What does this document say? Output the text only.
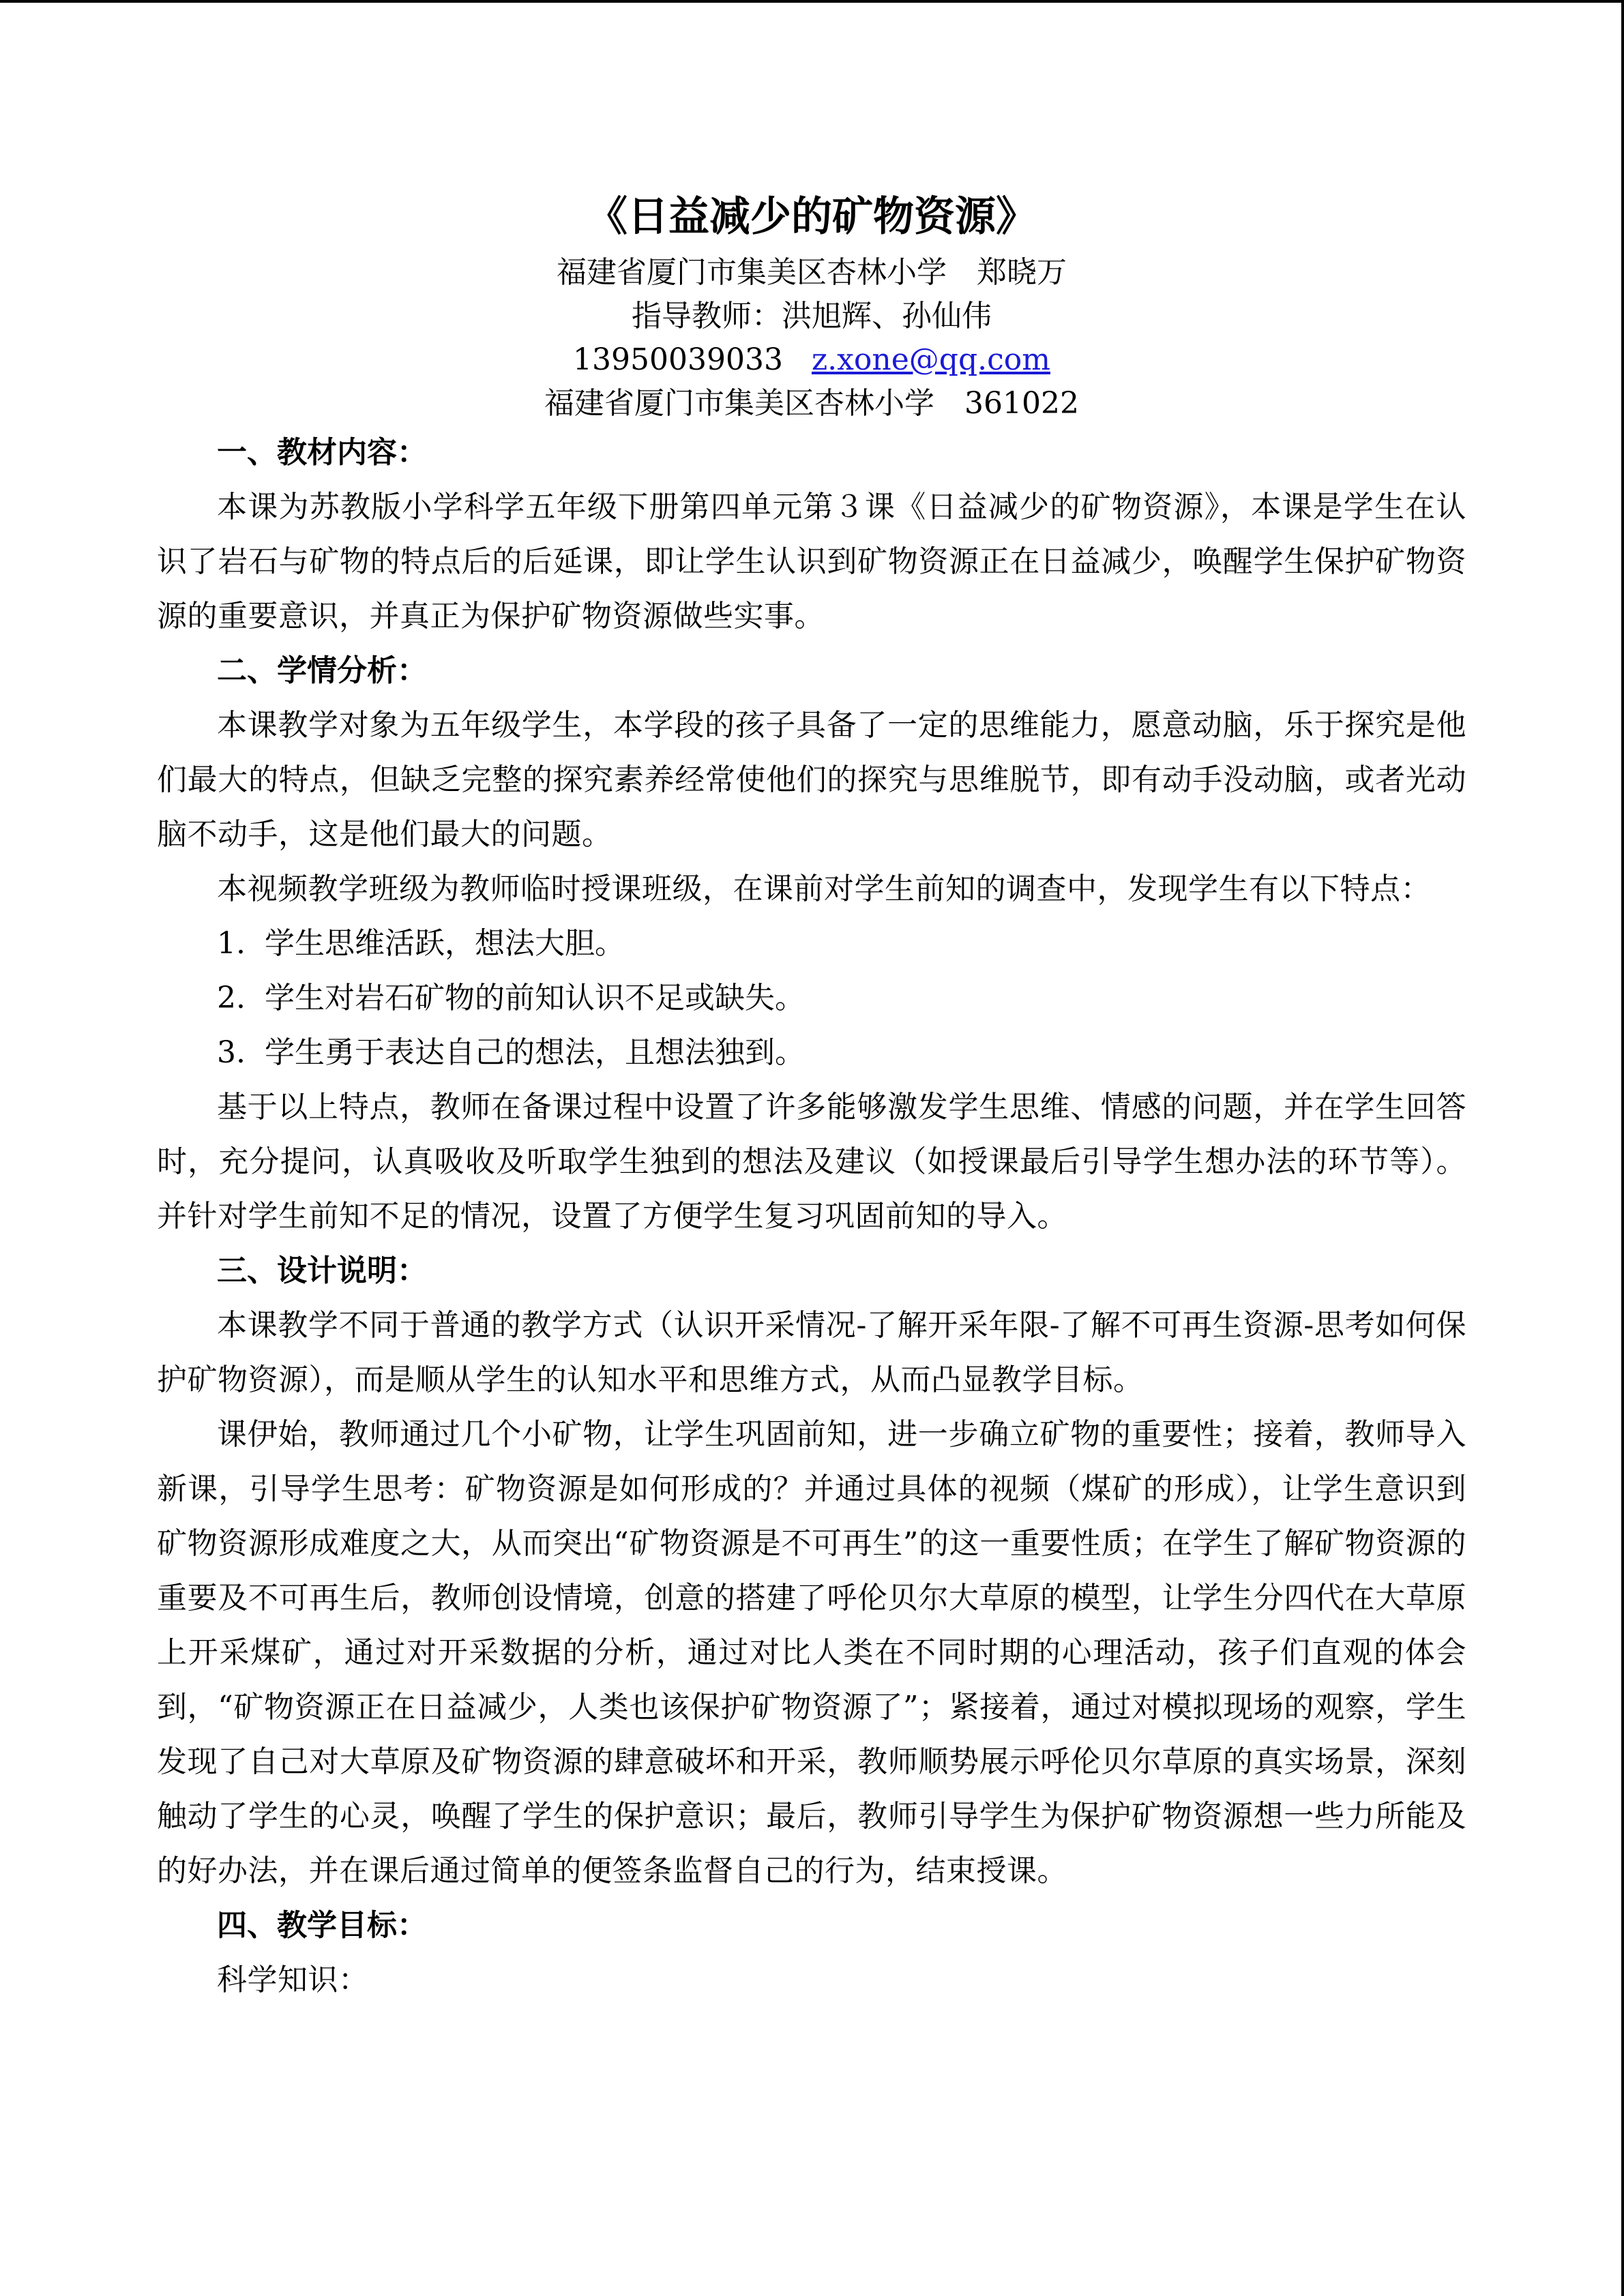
《日益减少的矿物资源》

福建省厦门市集美区杏林小学　郑晓万

指导教师：洪旭辉、孙仙伟

13950039033 z.xone@qq.com

福建省厦门市集美区杏林小学　361022

一、教材内容：

本课为苏教版小学科学五年级下册第四单元第３课《日益减少的矿物资源》，本课是学生在认识了岩石与矿物的特点后的后延课，即让学生认识到矿物资源正在日益减少，唤醒学生保护矿物资源的重要意识，并真正为保护矿物资源做些实事。

二、学情分析：

本课教学对象为五年级学生，本学段的孩子具备了一定的思维能力，愿意动脑，乐于探究是他们最大的特点，但缺乏完整的探究素养经常使他们的探究与思维脱节，即有动手没动脑，或者光动脑不动手，这是他们最大的问题。

本视频教学班级为教师临时授课班级，在课前对学生前知的调查中，发现学生有以下特点：

1. 学生思维活跃，想法大胆。

2. 学生对岩石矿物的前知认识不足或缺失。

3. 学生勇于表达自己的想法，且想法独到。

基于以上特点，教师在备课过程中设置了许多能够激发学生思维、情感的问题，并在学生回答时，充分提问，认真吸收及听取学生独到的想法及建议（如授课最后引导学生想办法的环节等）。并针对学生前知不足的情况，设置了方便学生复习巩固前知的导入。

三、设计说明：

本课教学不同于普通的教学方式（认识开采情况-了解开采年限-了解不可再生资源-思考如何保护矿物资源），而是顺从学生的认知水平和思维方式，从而凸显教学目标。

课伊始，教师通过几个小矿物，让学生巩固前知，进一步确立矿物的重要性；接着，教师导入新课，引导学生思考：矿物资源是如何形成的？并通过具体的视频（煤矿的形成），让学生意识到矿物资源形成难度之大，从而突出“矿物资源是不可再生”的这一重要性质；在学生了解矿物资源的重要及不可再生后，教师创设情境，创意的搭建了呼伦贝尔大草原的模型，让学生分四代在大草原上开采煤矿，通过对开采数据的分析，通过对比人类在不同时期的心理活动，孩子们直观的体会到，“矿物资源正在日益减少，人类也该保护矿物资源了”；紧接着，通过对模拟现场的观察，学生发现了自己对大草原及矿物资源的肆意破坏和开采，教师顺势展示呼伦贝尔草原的真实场景，深刻触动了学生的心灵，唤醒了学生的保护意识；最后，教师引导学生为保护矿物资源想一些力所能及的好办法，并在课后通过简单的便签条监督自己的行为，结束授课。

四、教学目标：

科学知识：
